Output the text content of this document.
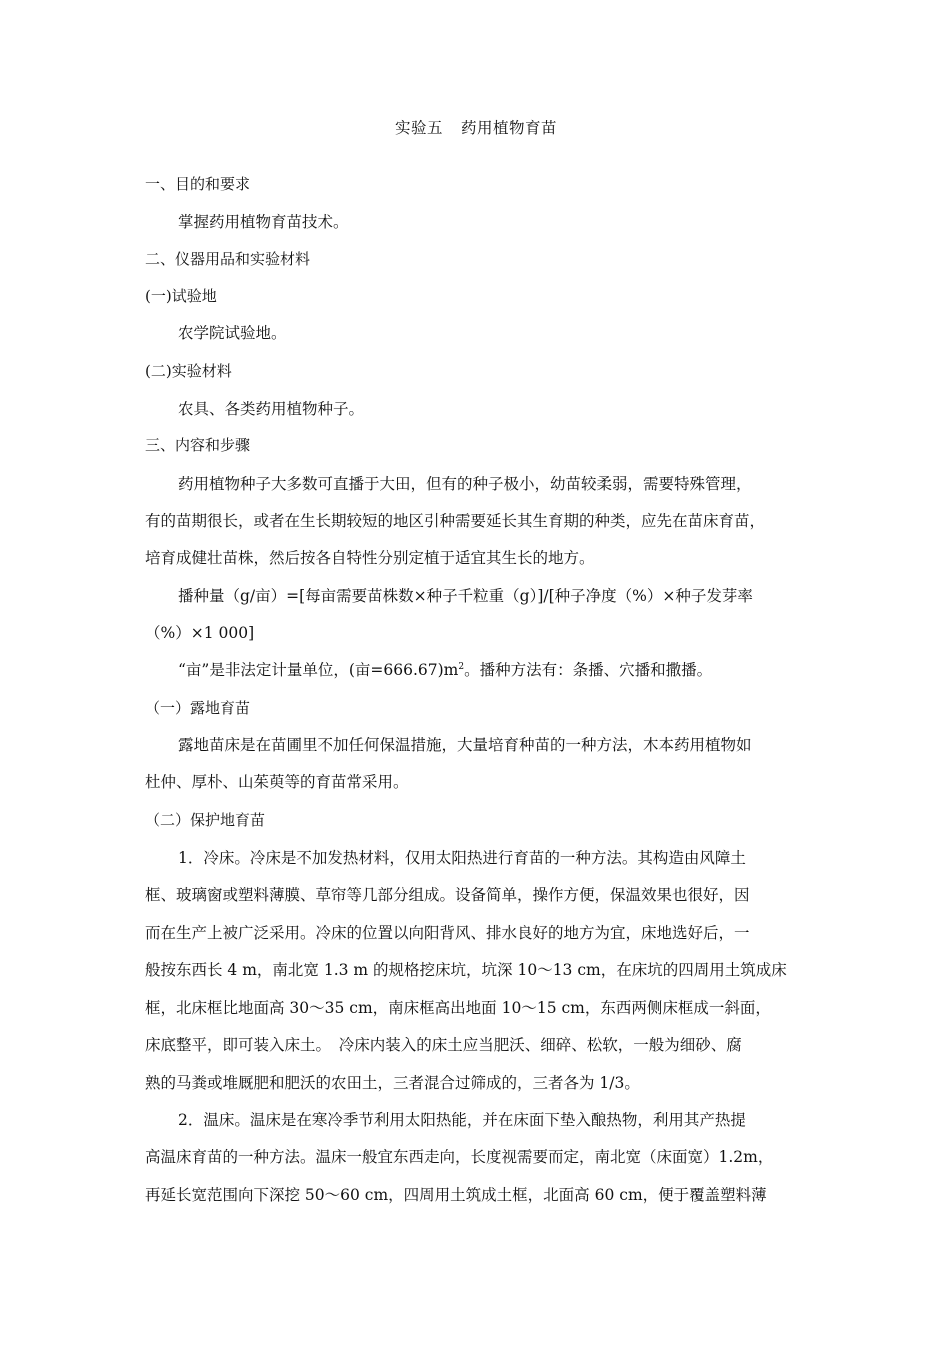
实验五 药用植物育苗
一、目的和要求
掌握药用植物育苗技术。
二、仪器用品和实验材料
(一)试验地
农学院试验地。
(二)实验材料
农具、各类药用植物种子。
三、内容和步骤
药用植物种子大多数可直播于大田，但有的种子极小，幼苗较柔弱，需要特殊管理，
有的苗期很长，或者在生长期较短的地区引种需要延长其生育期的种类，应先在苗床育苗，
培育成健壮苗株，然后按各自特性分别定植于适宜其生长的地方。
播种量（g/亩）=[每亩需要苗株数×种子千粒重（g）]/[种子净度（%）×种子发芽率
（%）×1 000]
“亩”是非法定计量单位，(亩$=666.67)m^2$。播种方法有：条播、穴播和撒播。
（一）露地育苗
露地苗床是在苗圃里不加任何保温措施，大量培育种苗的一种方法，木本药用植物如
杜仲、厚朴、山茱萸等的育苗常采用。
（二）保护地育苗
1．冷床。冷床是不加发热材料，仅用太阳热进行育苗的一种方法。其构造由风障土
框、玻璃窗或塑料薄膜、草帘等几部分组成。设备简单，操作方便，保温效果也很好，因
而在生产上被广泛采用。冷床的位置以向阳背风、排水良好的地方为宜，床地选好后，一
般按东西长 4 m，南北宽 1.3 m 的规格挖床坑，坑深 10～13 cm，在床坑的四周用土筑成床
框，北床框比地面高 30～35 cm，南床框高出地面 10～15 cm，东西两侧床框成一斜面，
床底整平，即可装入床土。　冷床内装入的床土应当肥沃、细碎、松软，一般为细砂、腐
熟的马粪或堆厩肥和肥沃的农田土，三者混合过筛成的，三者各为 1/3。
2．温床。温床是在寒冷季节利用太阳热能，并在床面下垫入酿热物，利用其产热提
高温床育苗的一种方法。温床一般宜东西走向，长度视需要而定，南北宽（床面宽）1.2m，
再延长宽范围向下深挖 50～60 cm，四周用土筑成土框，北面高 60 cm，便于覆盖塑料薄
